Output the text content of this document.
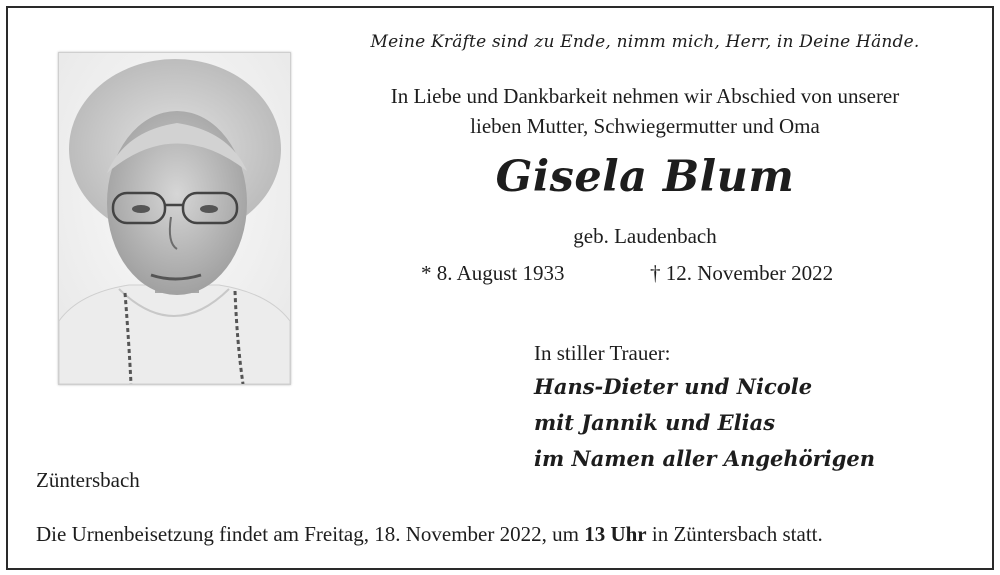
Meine Kräfte sind zu Ende, nimm mich, Herr, in Deine Hände.
In Liebe und Dankbarkeit nehmen wir Abschied von unserer
lieben Mutter, Schwiegermutter und Oma
Gisela Blum
geb. Laudenbach
* 8. August 1933	† 12. November 2022
In stiller Trauer:
Hans-Dieter und Nicole
mit Jannik und Elias
im Namen aller Angehörigen
Züntersbach
Die Urnenbeisetzung findet am Freitag, 18. November 2022, um 13 Uhr in Züntersbach statt.
